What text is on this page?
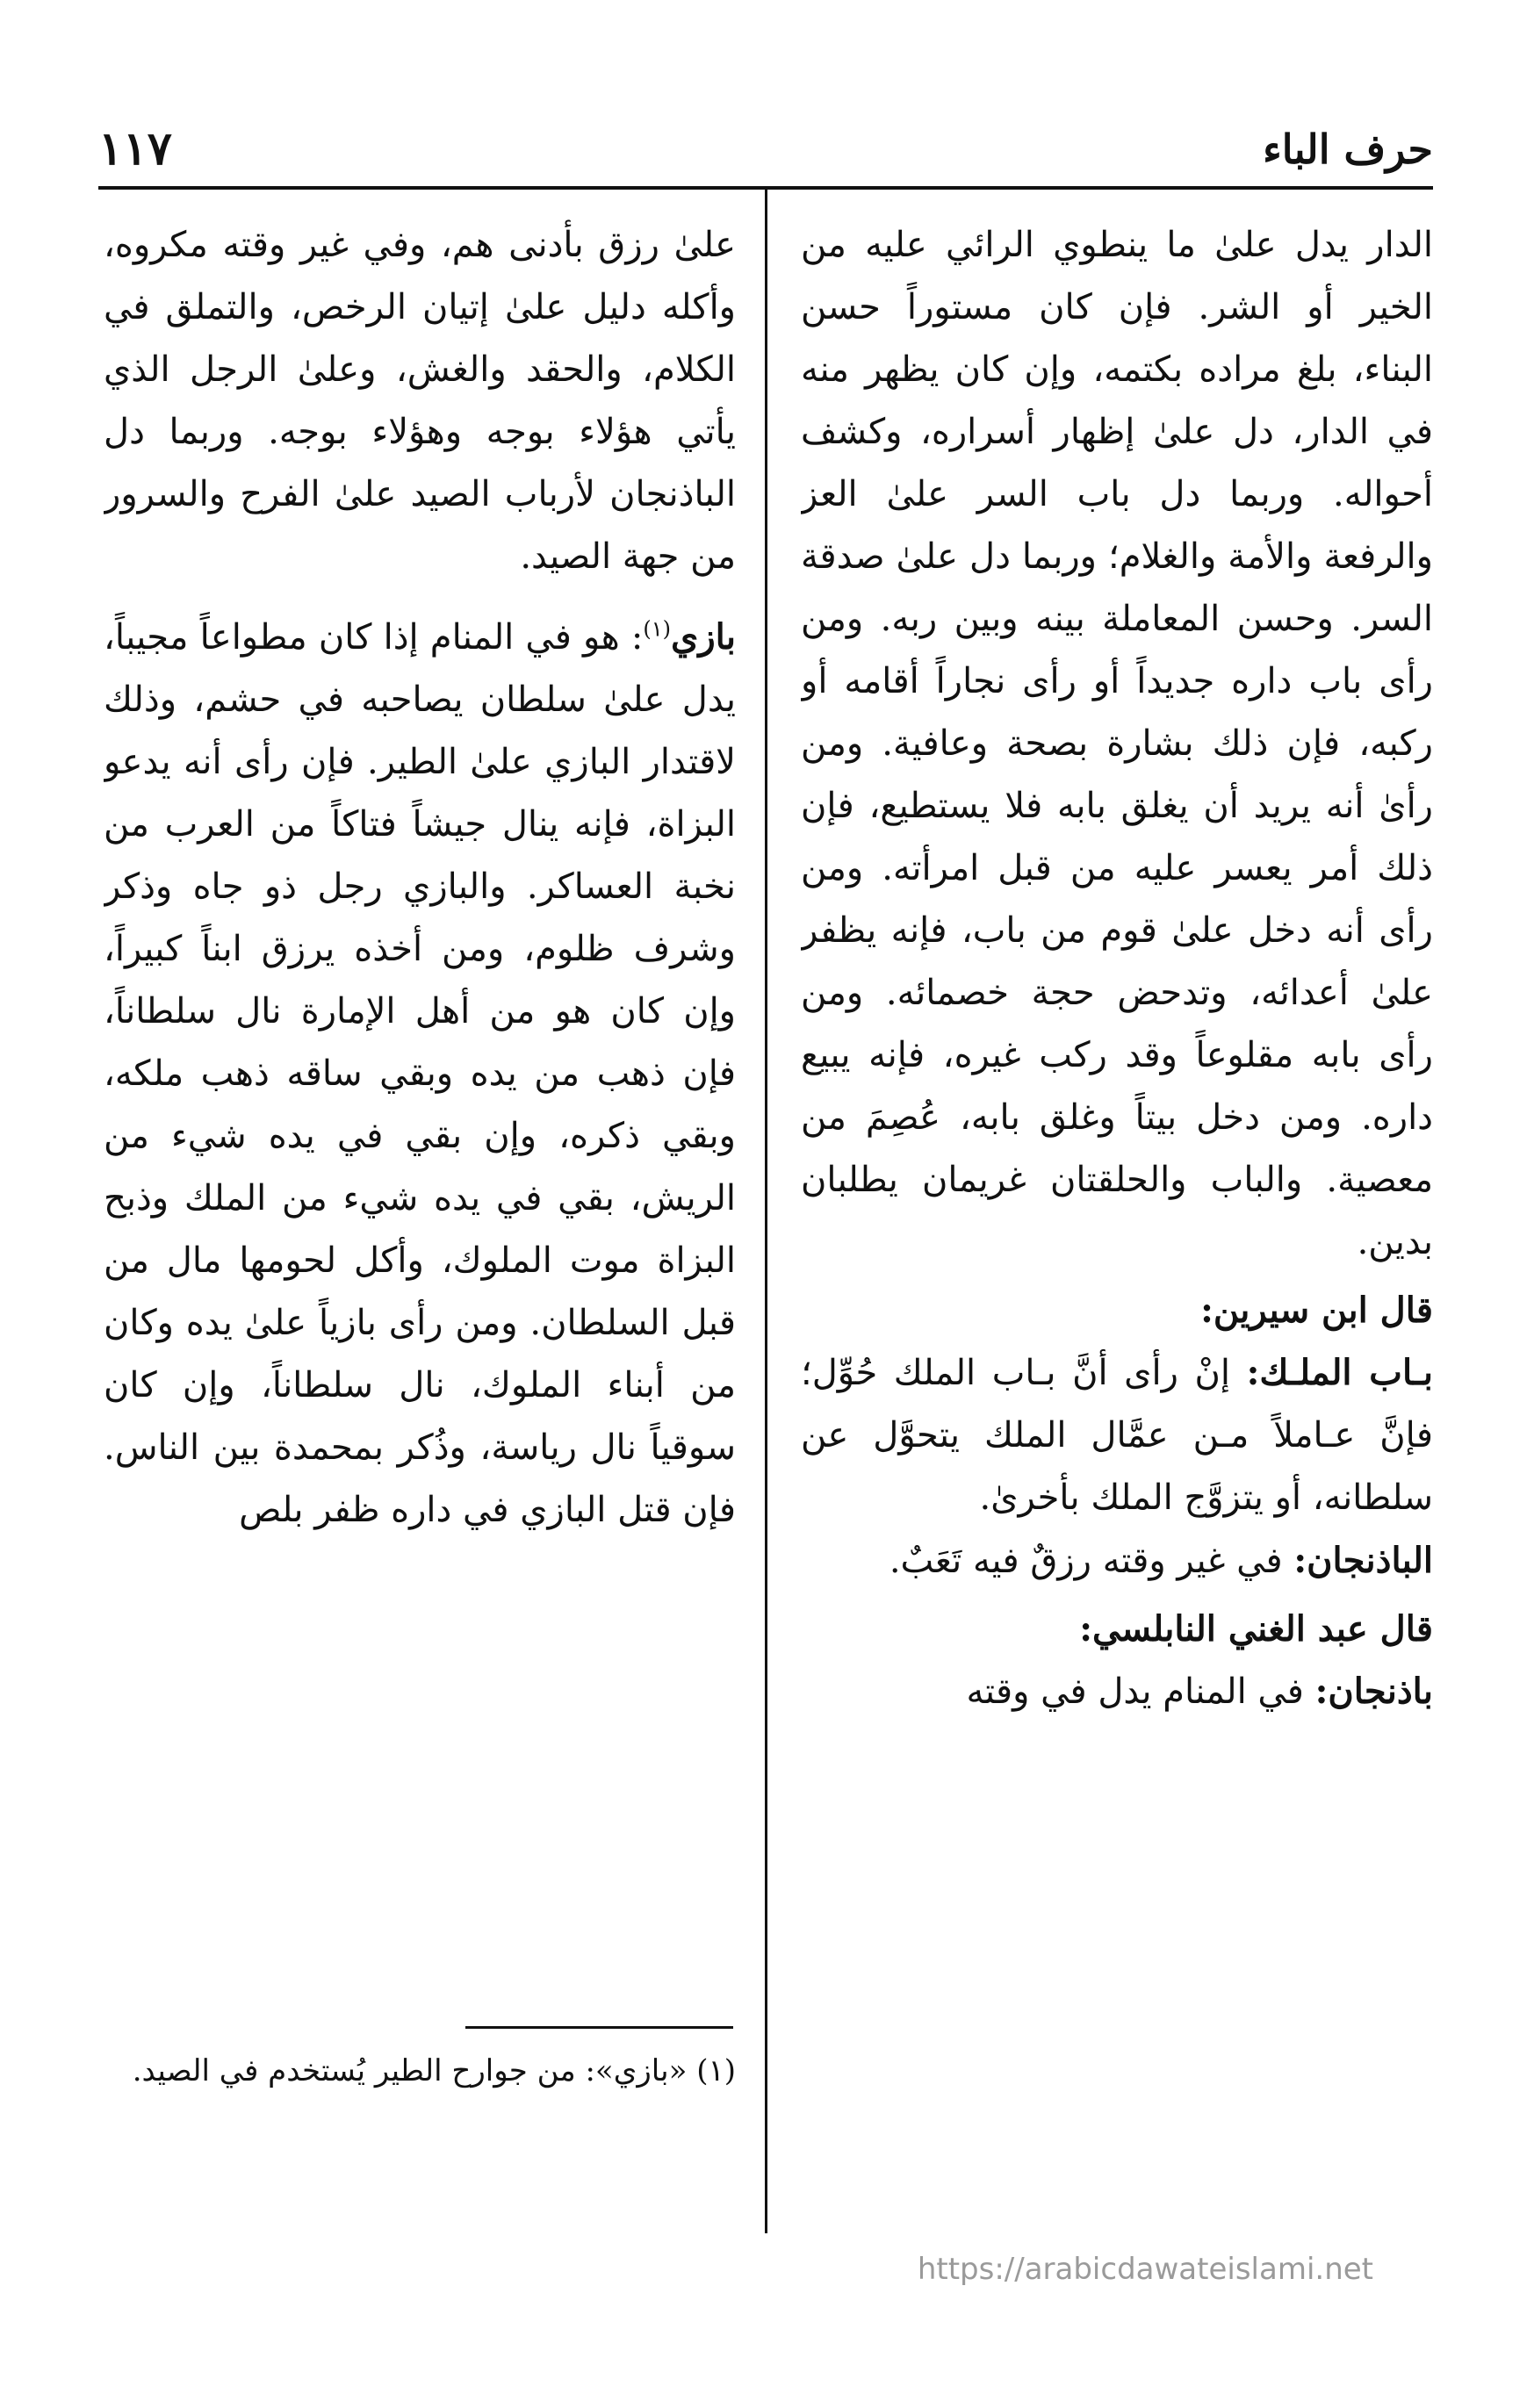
حرف الباء
١١٧

الدار يدل علىٰ ما ينطوي الرائي عليه من الخير أو الشر. فإن كان مستوراً حسن البناء، بلغ مراده بكتمه، وإن كان يظهر منه في الدار، دل علىٰ إظهار أسراره، وكشف أحواله. وربما دل باب السر علىٰ العز والرفعة والأمة والغلام؛ وربما دل علىٰ صدقة السر. وحسن المعاملة بينه وبين ربه. ومن رأى باب داره جديداً أو رأى نجاراً أقامه أو ركبه، فإن ذلك بشارة بصحة وعافية. ومن رأىٰ أنه يريد أن يغلق بابه فلا يستطيع، فإن ذلك أمر يعسر عليه من قبل امرأته. ومن رأى أنه دخل علىٰ قوم من باب، فإنه يظفر علىٰ أعدائه، وتدحض حجة خصمائه. ومن رأى بابه مقلوعاً وقد ركب غيره، فإنه يبيع داره. ومن دخل بيتاً وغلق بابه، عُصِمَ من معصية. والباب والحلقتان غريمان يطلبان بدين.

قال ابن سيرين:

بـاب الملـك: إنْ رأى أنَّ بـاب الملك حُوِّل؛ فإنَّ عـاملاً مـن عمَّال الملك يتحوَّل عن سلطانه، أو يتزوَّج الملك بأخرىٰ.

الباذنجان: في غير وقته رزقٌ فيه تَعَبٌ.

قال عبد الغني النابلسي:

باذنجان: في المنام يدل في وقته

علىٰ رزق بأدنى هم، وفي غير وقته مكروه، وأكله دليل علىٰ إتيان الرخص، والتملق في الكلام، والحقد والغش، وعلىٰ الرجل الذي يأتي هؤلاء بوجه وهؤلاء بوجه. وربما دل الباذنجان لأرباب الصيد علىٰ الفرح والسرور من جهة الصيد.

بازي$^{(١)}$: هو في المنام إذا كان مطواعاً مجيباً، يدل علىٰ سلطان يصاحبه في حشم، وذلك لاقتدار البازي علىٰ الطير. فإن رأى أنه يدعو البزاة، فإنه ينال جيشاً فتاكاً من العرب من نخبة العساكر. والبازي رجل ذو جاه وذكر وشرف ظلوم، ومن أخذه يرزق ابناً كبيراً، وإن كان هو من أهل الإمارة نال سلطاناً، فإن ذهب من يده وبقي ساقه ذهب ملكه، وبقي ذكره، وإن بقي في يده شيء من الريش، بقي في يده شيء من الملك وذبح البزاة موت الملوك، وأكل لحومها مال من قبل السلطان. ومن رأى بازياً علىٰ يده وكان من أبناء الملوك، نال سلطاناً، وإن كان سوقياً نال رياسة، وذُكر بمحمدة بين الناس. فإن قتل البازي في داره ظفر بلص

(١) «بازي»: من جوارح الطير يُستخدم في الصيد.
https://arabicdawateislami.net
